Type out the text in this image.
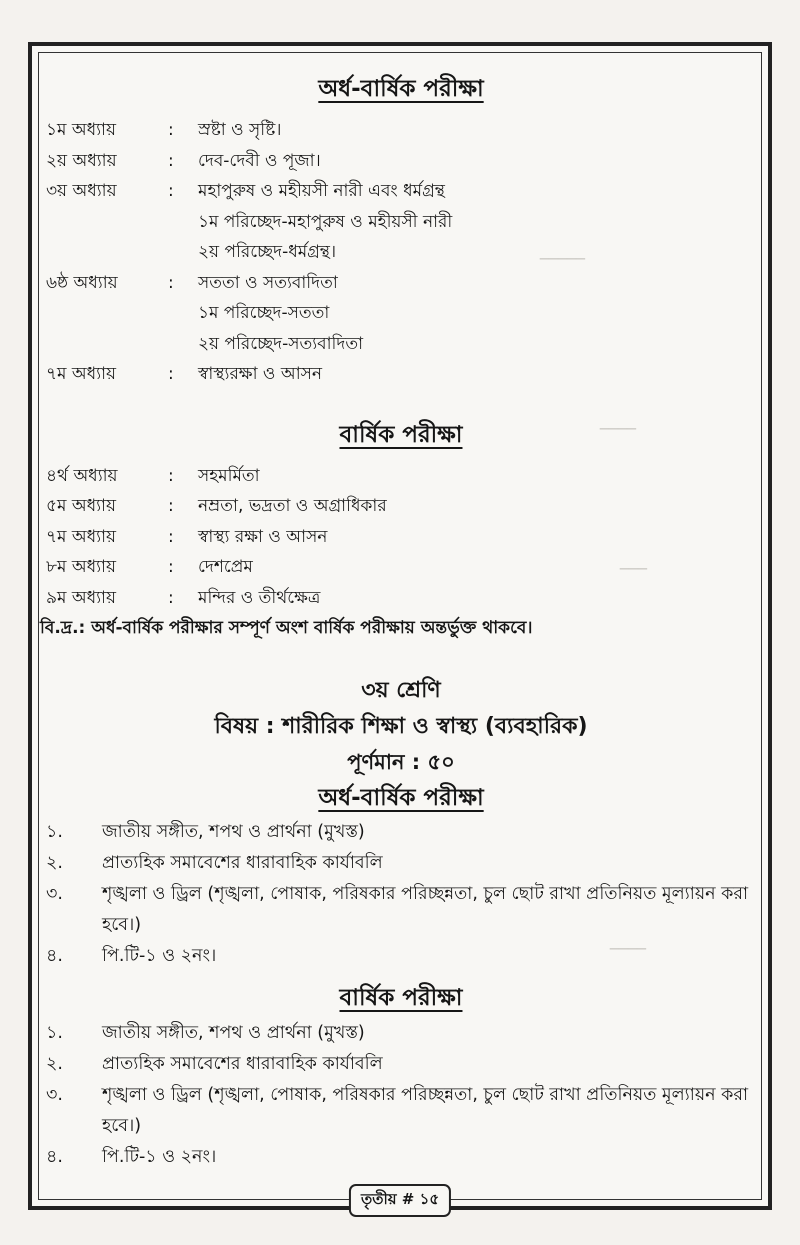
─────
────
───
────
অর্ধ-বার্ষিক পরীক্ষা
১ম অধ্যায়	:	স্রষ্টা ও সৃষ্টি।
২য় অধ্যায়	:	দেব-দেবী ও পূজা।
৩য় অধ্যায়	:	মহাপুরুষ ও মহীয়সী নারী এবং ধর্মগ্রন্থ
১ম পরিচ্ছেদ-মহাপুরুষ ও মহীয়সী নারী
২য় পরিচ্ছেদ-ধর্মগ্রন্থ।
৬ষ্ঠ অধ্যায়	:	সততা ও সত্যবাদিতা
১ম পরিচ্ছেদ-সততা
২য় পরিচ্ছেদ-সত্যবাদিতা
৭ম অধ্যায়	:	স্বাস্থ্যরক্ষা ও আসন
বার্ষিক পরীক্ষা
৪র্থ অধ্যায়	:	সহমর্মিতা
৫ম অধ্যায়	:	নম্রতা, ভদ্রতা ও অগ্রাধিকার
৭ম অধ্যায়	:	স্বাস্থ্য রক্ষা ও আসন
৮ম অধ্যায়	:	দেশপ্রেম
৯ম অধ্যায়	:	মন্দির ও তীর্থক্ষেত্র
বি.দ্র.: অর্ধ-বার্ষিক পরীক্ষার সম্পূর্ণ অংশ বার্ষিক পরীক্ষায় অন্তর্ভুক্ত থাকবে।
৩য় শ্রেণি
বিষয় : শারীরিক শিক্ষা ও স্বাস্থ্য (ব্যবহারিক)
পূর্ণমান : ৫০
অর্ধ-বার্ষিক পরীক্ষা
১.	জাতীয় সঙ্গীত, শপথ ও প্রার্থনা (মুখস্ত)
২.	প্রাত্যহিক সমাবেশের ধারাবাহিক কার্যাবলি
৩.	শৃঙ্খলা ও ড্রিল (শৃঙ্খলা, পোষাক, পরিষকার পরিচ্ছন্নতা, চুল ছোট রাখা প্রতিনিয়ত মূল্যায়ন করা হবে।)
৪.	পি.টি-১ ও ২নং।
বার্ষিক পরীক্ষা
১.	জাতীয় সঙ্গীত, শপথ ও প্রার্থনা (মুখস্ত)
২.	প্রাত্যহিক সমাবেশের ধারাবাহিক কার্যাবলি
৩.	শৃঙ্খলা ও ড্রিল (শৃঙ্খলা, পোষাক, পরিষকার পরিচ্ছন্নতা, চুল ছোট রাখা প্রতিনিয়ত মূল্যায়ন করা হবে।)
৪.	পি.টি-১ ও ২নং।
তৃতীয় # ১৫
